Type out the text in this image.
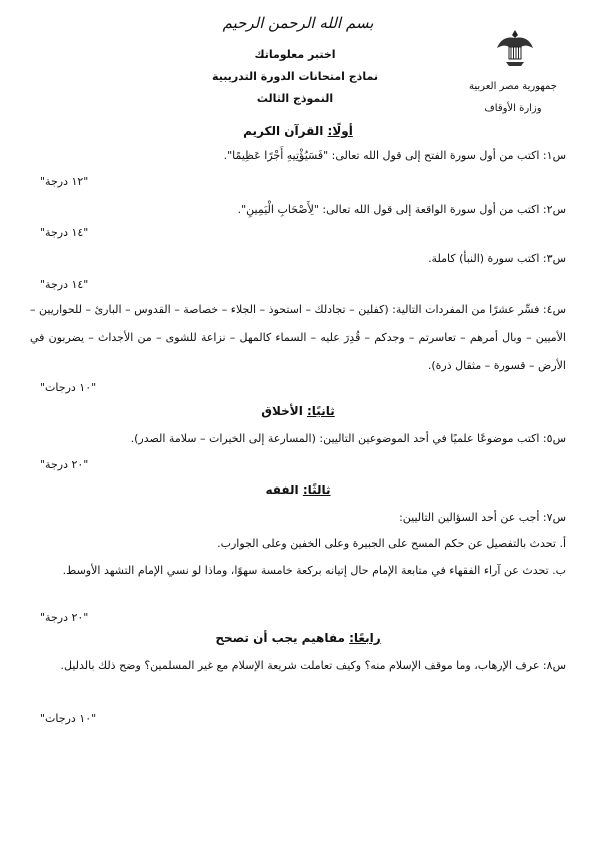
بسم الله الرحمن الرحيم
اختبر معلوماتك
نماذج امتحانات الدورة التدريبية
النموذج الثالث
جمهورية مصر العربية
وزارة الأوقاف
أولًا: القرآن الكريم
س١: اكتب من أول سورة الفتح إلى قول الله تعالى: "فَسَيُؤْتِيهِ أَجْرًا عَظِيمًا".
"١٢ درجة"
س٢: اكتب من أول سورة الواقعة إلى قول الله تعالى: "لِأَصْحَابِ الْيَمِينِ".
"١٤ درجة"
س٣: اكتب سورة (النبأ) كاملة.
"١٤ درجة"
س٤: فسِّر عشرًا من المفردات التالية: (كفلين – تجادلك – استحوذ – الجلاء – خصاصة – القدوس – البارئ – للحواريين – الأميين – وبال أمرهم – تعاسرتم – وجدكم – قُدِرَ عليه – السماء كالمهل – نزاعة للشوى – من الأجداث – يضربون في الأرض – قسورة – مثقال ذرة).
"١٠ درجات"
ثانيًا: الأخلاق
س٥: اكتب موضوعًا علميًا في أحد الموضوعين التاليين: (المسارعة إلى الخيرات – سلامة الصدر).
"٢٠ درجة"
ثالثًا: الفقه
س٧: أجب عن أحد السؤالين التاليين:
أ. تحدث بالتفصيل عن حكم المسح على الجبيرة وعلى الخفين وعلى الجوارب.
ب. تحدث عن آراء الفقهاء في متابعة الإمام حال إتيانه بركعة خامسة سهوًا، وماذا لو نسي الإمام التشهد الأوسط.
"٢٠ درجة"
رابعًا: مفاهيم يجب أن تصحح
س٨: عرف الإرهاب، وما موقف الإسلام منه؟ وكيف تعاملت شريعة الإسلام مع غير المسلمين؟ وضح ذلك بالدليل.
"١٠ درجات"
